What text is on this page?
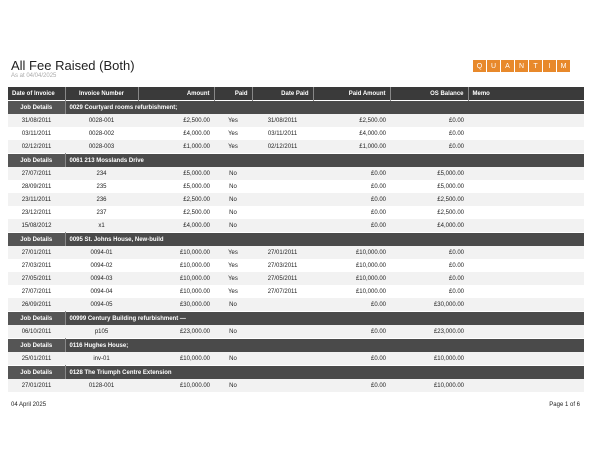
All Fee Raised (Both)
As at 04/04/2025
Q	U	A	N	T	I	M
Date of Invoice	Invoice Number	Amount	Paid	Date Paid	Paid Amount	OS Balance	Memo
Job Details	0029 Courtyard rooms refurbishment;						
31/08/2011	0028-001	£2,500.00	Yes	31/08/2011	£2,500.00	£0.00	
03/11/2011	0028-002	£4,000.00	Yes	03/11/2011	£4,000.00	£0.00	
02/12/2011	0028-003	£1,000.00	Yes	02/12/2011	£1,000.00	£0.00	
Job Details	0061 213 Mosslands Drive						
27/07/2011	234	£5,000.00	No		£0.00	£5,000.00	
28/09/2011	235	£5,000.00	No		£0.00	£5,000.00	
23/11/2011	236	£2,500.00	No		£0.00	£2,500.00	
23/12/2011	237	£2,500.00	No		£0.00	£2,500.00	
15/08/2012	x1	£4,000.00	No		£0.00	£4,000.00	
Job Details	0095 St. Johns House, New-build						
27/01/2011	0094-01	£10,000.00	Yes	27/01/2011	£10,000.00	£0.00	
27/03/2011	0094-02	£10,000.00	Yes	27/03/2011	£10,000.00	£0.00	
27/05/2011	0094-03	£10,000.00	Yes	27/05/2011	£10,000.00	£0.00	
27/07/2011	0094-04	£10,000.00	Yes	27/07/2011	£10,000.00	£0.00	
26/09/2011	0094-05	£30,000.00	No		£0.00	£30,000.00	
Job Details	00999 Century Building refurbishment —						
06/10/2011	p105	£23,000.00	No		£0.00	£23,000.00	
Job Details	0116 Hughes House;						
25/01/2011	inv-01	£10,000.00	No		£0.00	£10,000.00	
Job Details	0128 The Triumph Centre Extension						
27/01/2011	0128-001	£10,000.00	No		£0.00	£10,000.00	
04 April 2025	Page 1 of 6
